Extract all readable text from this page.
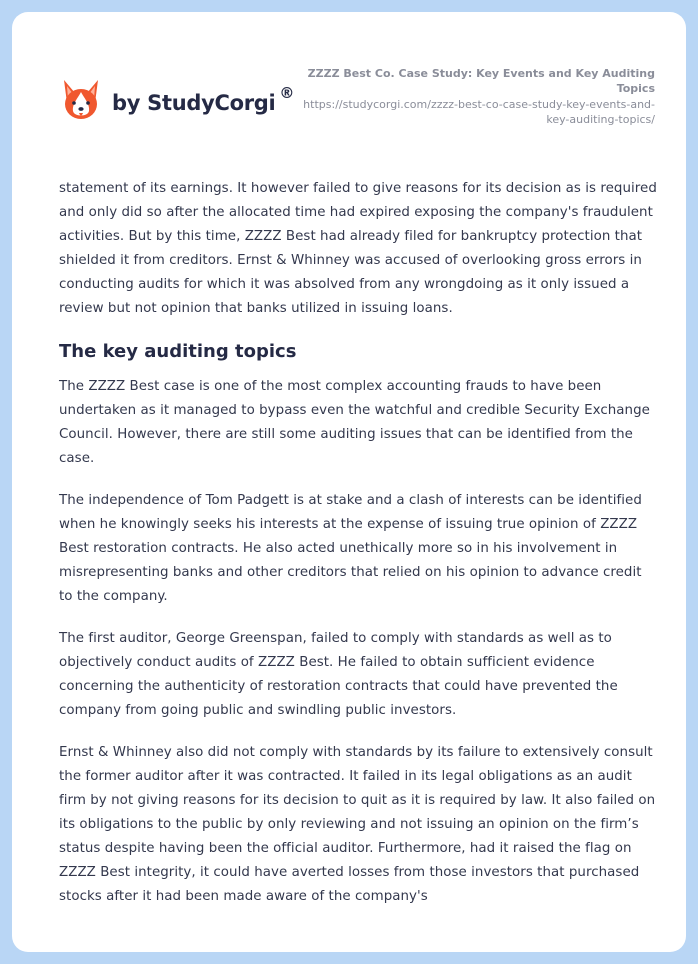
by StudyCorgi ®
ZZZZ Best Co. Case Study: Key Events and Key Auditing Topics
https://studycorgi.com/zzzz-best-co-case-study-key-events-and-key-auditing-topics/

statement of its earnings. It however failed to give reasons for its decision as is required and only did so after the allocated time had expired exposing the company's fraudulent activities. But by this time, ZZZZ Best had already filed for bankruptcy protection that shielded it from creditors. Ernst & Whinney was accused of overlooking gross errors in conducting audits for which it was absolved from any wrongdoing as it only issued a review but not opinion that banks utilized in issuing loans.

The key auditing topics

The ZZZZ Best case is one of the most complex accounting frauds to have been undertaken as it managed to bypass even the watchful and credible Security Exchange Council. However, there are still some auditing issues that can be identified from the case.

The independence of Tom Padgett is at stake and a clash of interests can be identified when he knowingly seeks his interests at the expense of issuing true opinion of ZZZZ Best restoration contracts. He also acted unethically more so in his involvement in misrepresenting banks and other creditors that relied on his opinion to advance credit to the company.

The first auditor, George Greenspan, failed to comply with standards as well as to objectively conduct audits of ZZZZ Best. He failed to obtain sufficient evidence concerning the authenticity of restoration contracts that could have prevented the company from going public and swindling public investors.

Ernst & Whinney also did not comply with standards by its failure to extensively consult the former auditor after it was contracted. It failed in its legal obligations as an audit firm by not giving reasons for its decision to quit as it is required by law. It also failed on its obligations to the public by only reviewing and not issuing an opinion on the firm’s status despite having been the official auditor. Furthermore, had it raised the flag on ZZZZ Best integrity, it could have averted losses from those investors that purchased stocks after it had been made aware of the company's
